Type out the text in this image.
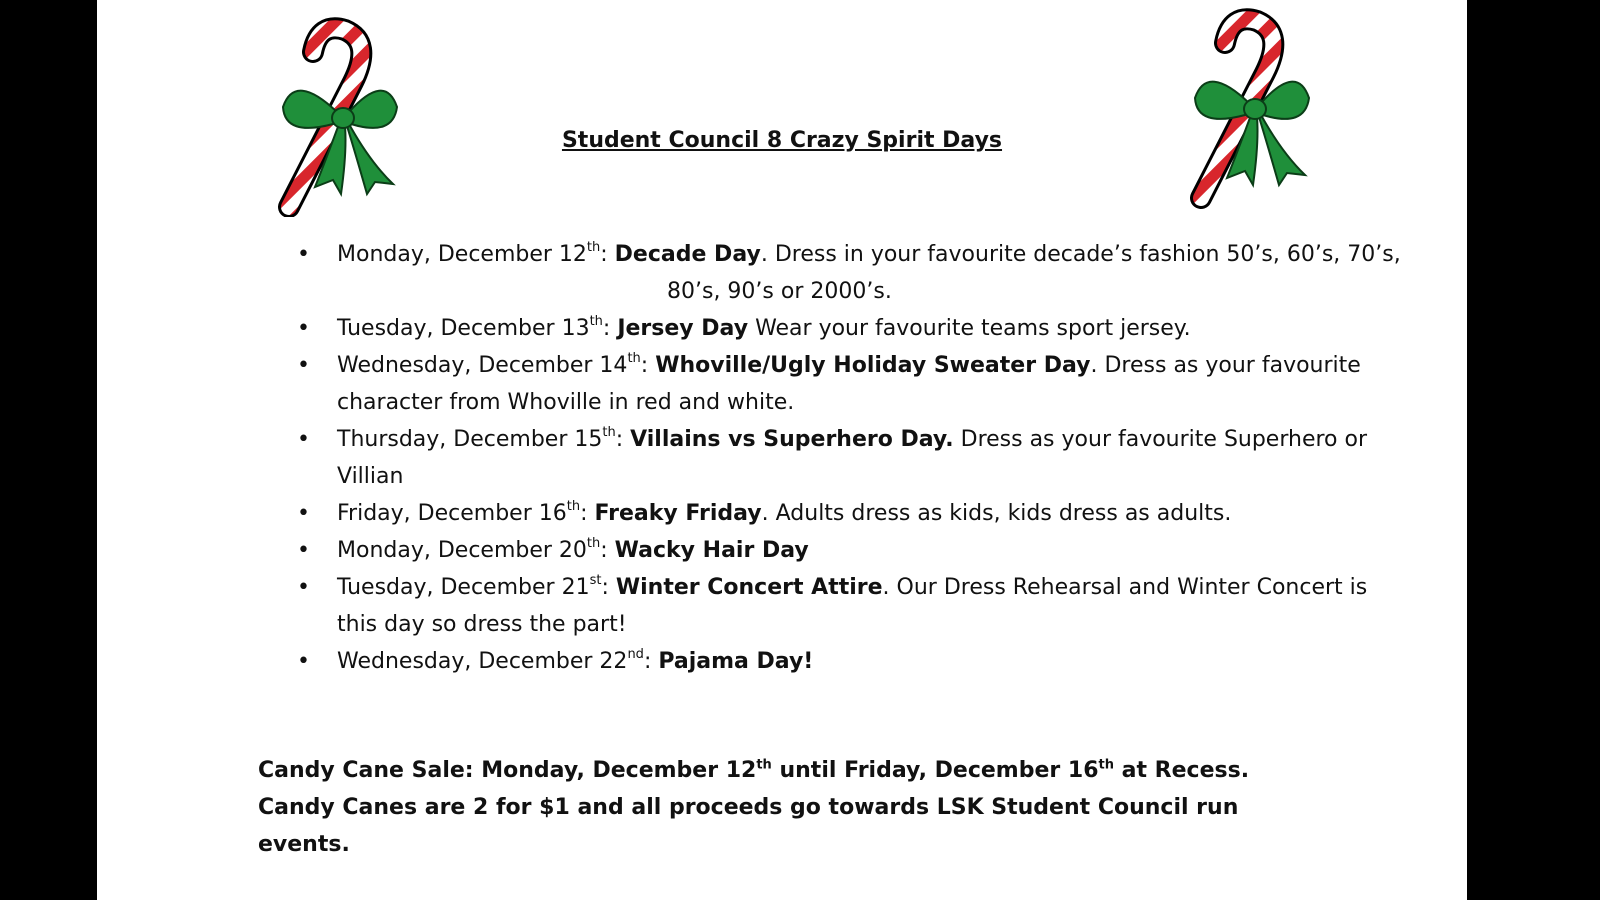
Student Council 8 Crazy Spirit Days
• Monday, December 12th: Decade Day. Dress in your favourite decade’s fashion 50’s, 60’s, 70’s,80’s, 90’s or 2000’s.
• Tuesday, December 13th: Jersey Day Wear your favourite teams sport jersey.
• Wednesday, December 14th: Whoville/Ugly Holiday Sweater Day. Dress as your favourite character from Whoville in red and white.
• Thursday, December 15th: Villains vs Superhero Day. Dress as your favourite Superhero or Villian
• Friday, December 16th: Freaky Friday. Adults dress as kids, kids dress as adults.
• Monday, December 20th: Wacky Hair Day
• Tuesday, December 21st: Winter Concert Attire. Our Dress Rehearsal and Winter Concert is this day so dress the part!
• Wednesday, December 22nd: Pajama Day!
Candy Cane Sale: Monday, December 12th until Friday, December 16th at Recess. Candy Canes are 2 for $1 and all proceeds go towards LSK Student Council run events.
